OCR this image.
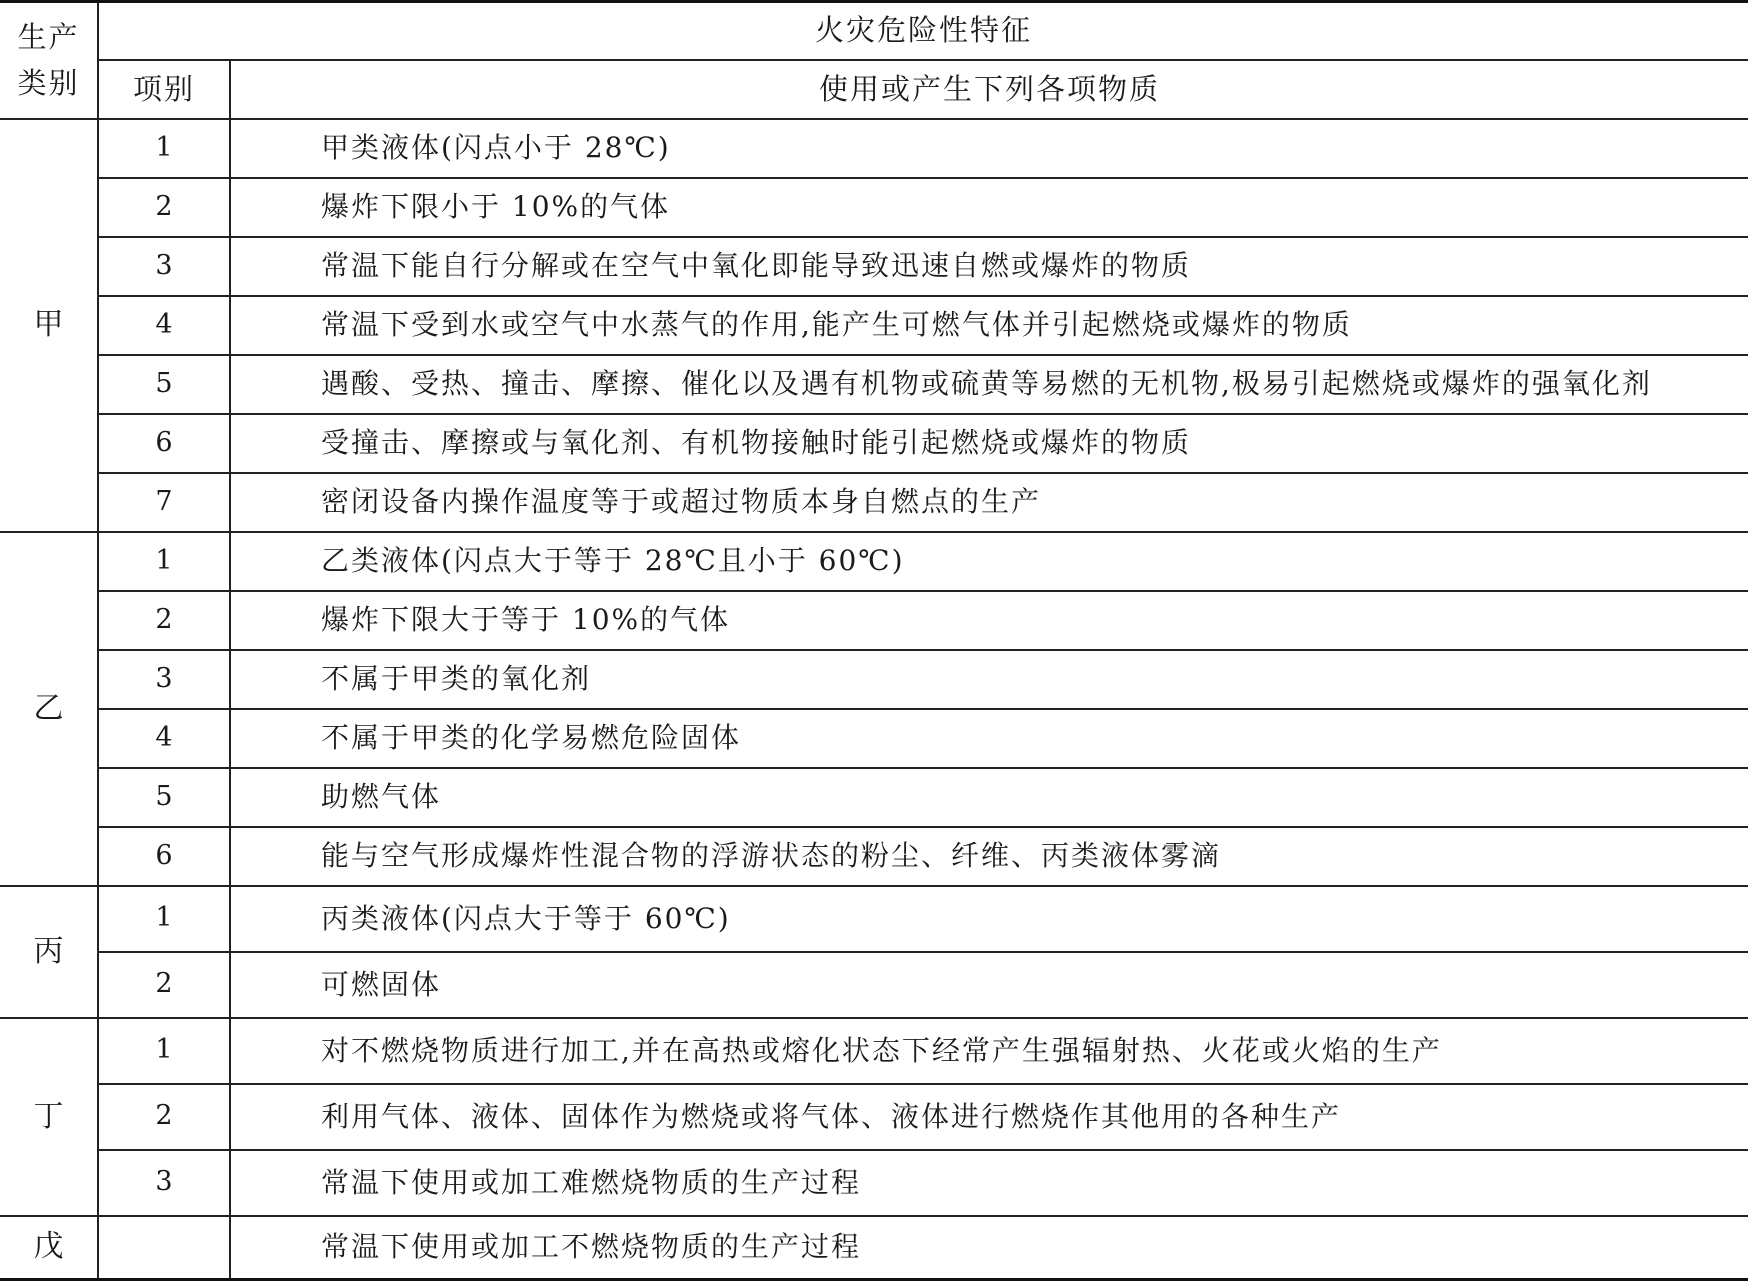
生产类别	火灾危险性特征	
	项别	使用或产生下列各项物质
甲	1	甲类液体(闪点小于 28℃)
	2	爆炸下限小于 10%的气体
	3	常温下能自行分解或在空气中氧化即能导致迅速自燃或爆炸的物质
	4	常温下受到水或空气中水蒸气的作用,能产生可燃气体并引起燃烧或爆炸的物质
	5	遇酸、受热、撞击、摩擦、催化以及遇有机物或硫黄等易燃的无机物,极易引起燃烧或爆炸的强氧化剂
	6	受撞击、摩擦或与氧化剂、有机物接触时能引起燃烧或爆炸的物质
	7	密闭设备内操作温度等于或超过物质本身自燃点的生产
乙	1	乙类液体(闪点大于等于 28℃且小于 60℃)
	2	爆炸下限大于等于 10%的气体
	3	不属于甲类的氧化剂
	4	不属于甲类的化学易燃危险固体
	5	助燃气体
	6	能与空气形成爆炸性混合物的浮游状态的粉尘、纤维、丙类液体雾滴
丙	1	丙类液体(闪点大于等于 60℃)
	2	可燃固体
丁	1	对不燃烧物质进行加工,并在高热或熔化状态下经常产生强辐射热、火花或火焰的生产
	2	利用气体、液体、固体作为燃烧或将气体、液体进行燃烧作其他用的各种生产
	3	常温下使用或加工难燃烧物质的生产过程
戊		常温下使用或加工不燃烧物质的生产过程
